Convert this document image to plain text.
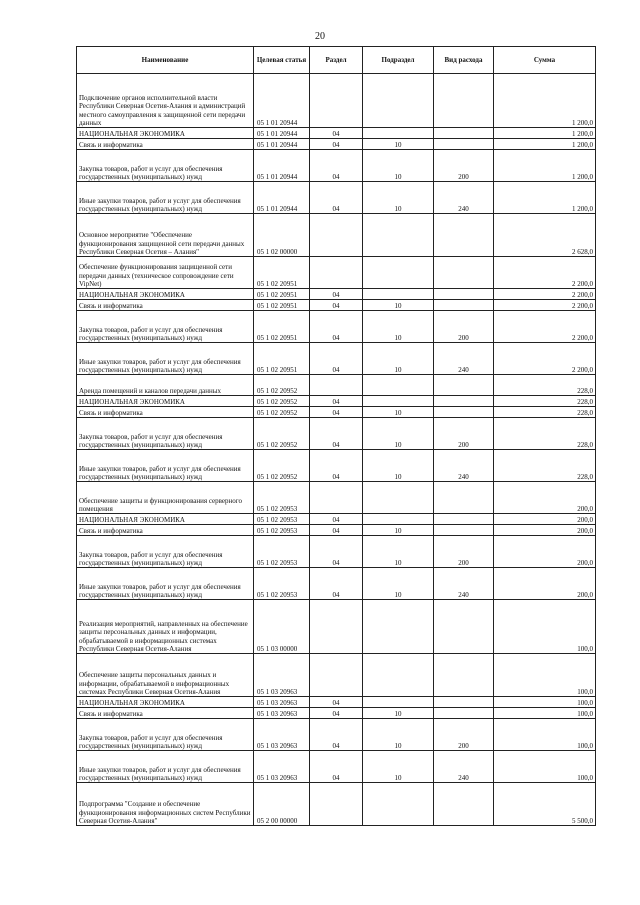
20
Наименование	Целевая статья	Раздел	Подраздел	Вид расхода	Сумма
Подключение органов исполнительной власти Республики Северная Осетия-Алания и администраций местного самоуправления к защищенной сети передачи данных	05 1 01 20944				1 200,0
НАЦИОНАЛЬНАЯ ЭКОНОМИКА	05 1 01 20944	04			1 200,0
Связь и информатика	05 1 01 20944	04	10		1 200,0
Закупка товаров, работ и услуг для обеспечения государственных (муниципальных) нужд	05 1 01 20944	04	10	200	1 200,0
Иные закупки товаров, работ и услуг для обеспечения государственных (муниципальных) нужд	05 1 01 20944	04	10	240	1 200,0
Основное мероприятие "Обеспечение функционирования защищенной сети передачи данных Республики Северная Осетия – Алания"	05 1 02 00000				2 628,0
Обеспечение функционирования защищенной сети передачи данных (техническое сопровождение сети VipNet)	05 1 02 20951				2 200,0
НАЦИОНАЛЬНАЯ ЭКОНОМИКА	05 1 02 20951	04			2 200,0
Связь и информатика	05 1 02 20951	04	10		2 200,0
Закупка товаров, работ и услуг для обеспечения государственных (муниципальных) нужд	05 1 02 20951	04	10	200	2 200,0
Иные закупки товаров, работ и услуг для обеспечения государственных (муниципальных) нужд	05 1 02 20951	04	10	240	2 200,0
Аренда помещений и каналов передачи данных	05 1 02 20952				228,0
НАЦИОНАЛЬНАЯ ЭКОНОМИКА	05 1 02 20952	04			228,0
Связь и информатика	05 1 02 20952	04	10		228,0
Закупка товаров, работ и услуг для обеспечения государственных (муниципальных) нужд	05 1 02 20952	04	10	200	228,0
Иные закупки товаров, работ и услуг для обеспечения государственных (муниципальных) нужд	05 1 02 20952	04	10	240	228,0
Обеспечение защиты и функционирования серверного помещения	05 1 02 20953				200,0
НАЦИОНАЛЬНАЯ ЭКОНОМИКА	05 1 02 20953	04			200,0
Связь и информатика	05 1 02 20953	04	10		200,0
Закупка товаров, работ и услуг для обеспечения государственных (муниципальных) нужд	05 1 02 20953	04	10	200	200,0
Иные закупки товаров, работ и услуг для обеспечения государственных (муниципальных) нужд	05 1 02 20953	04	10	240	200,0
Реализация мероприятий, направленных на обеспечение защиты персональных данных и информации, обрабатываемой в информационных системах Республики Северная Осетия-Алания	05 1 03 00000				100,0
Обеспечение защиты персональных данных и информации, обрабатываемой в информационных системах Республики Северная Осетия-Алания	05 1 03 20963				100,0
НАЦИОНАЛЬНАЯ ЭКОНОМИКА	05 1 03 20963	04			100,0
Связь и информатика	05 1 03 20963	04	10		100,0
Закупка товаров, работ и услуг для обеспечения государственных (муниципальных) нужд	05 1 03 20963	04	10	200	100,0
Иные закупки товаров, работ и услуг для обеспечения государственных (муниципальных) нужд	05 1 03 20963	04	10	240	100,0
Подпрограмма "Создание и обеспечение функционирования информационных систем Республики Северная Осетия-Алания"	05 2 00 00000				5 500,0
